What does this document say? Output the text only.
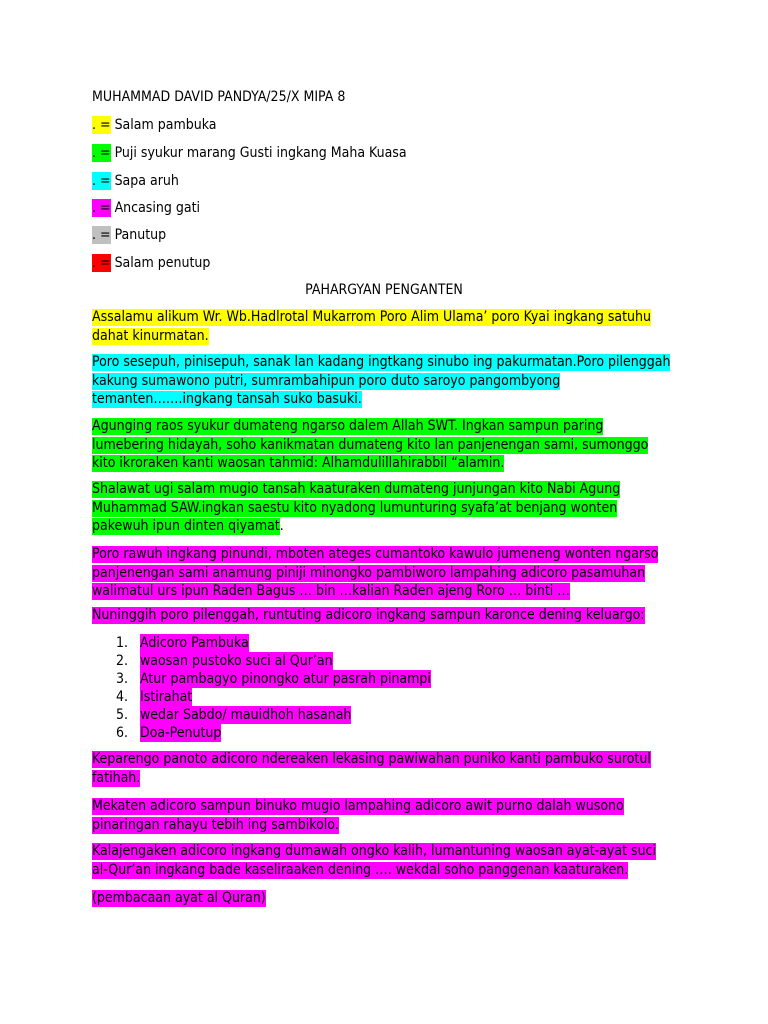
MUHAMMAD DAVID PANDYA/25/X MIPA 8
. = Salam pambuka
. = Puji syukur marang Gusti ingkang Maha Kuasa
. = Sapa aruh
. = Ancasing gati
. = Panutup
. = Salam penutup
PAHARGYAN PENGANTEN
Assalamu alikum Wr. Wb.Hadlrotal Mukarrom Poro Alim Ulama’ poro Kyai ingkang satuhu dahat kinurmatan.
Poro sesepuh, pinisepuh, sanak lan kadang ingtkang sinubo ing pakurmatan.Poro pilenggah kakung sumawono putri, sumrambahipun poro duto saroyo pangombyong temanten…….ingkang tansah suko basuki.
Agunging raos syukur dumateng ngarso dalem Allah SWT. Ingkan sampun paring lumebering hidayah, soho kanikmatan dumateng kito lan panjenengan sami, sumonggo kito ikroraken kanti waosan tahmid: Alhamdulillahirabbil “alamin.
Shalawat ugi salam mugio tansah kaaturaken dumateng junjungan kito Nabi Agung Muhammad SAW.ingkan saestu kito nyadong lumunturing syafa’at benjang wonten pakewuh ipun dinten qiyamat.
Poro rawuh ingkang pinundi, mboten ateges cumantoko kawulo jumeneng wonten ngarso panjenengan sami anamung piniji minongko pambiworo lampahing adicoro pasamuhan walimatul urs ipun Raden Bagus … bin …kalian Raden ajeng Roro … binti …
Nuninggih poro pilenggah, runtuting adicoro ingkang sampun karonce dening keluargo:
1. Adicoro Pambuka
2. waosan pustoko suci al Qur’an
3. Atur pambagyo pinongko atur pasrah pinampi
4. Istirahat
5. wedar Sabdo/ mauidhoh hasanah
6. Doa-Penutup
Keparengo panoto adicoro ndereaken lekasing pawiwahan puniko kanti pambuko surotul fatihah.
Mekaten adicoro sampun binuko mugio lampahing adicoro awit purno dalah wusono pinaringan rahayu tebih ing sambikolo.
Kalajengaken adicoro ingkang dumawah ongko kalih, lumantuning waosan ayat-ayat suci al-Qur’an ingkang bade kaseliraaken dening …. wekdal soho panggenan kaaturaken.
(pembacaan ayat al Quran)
